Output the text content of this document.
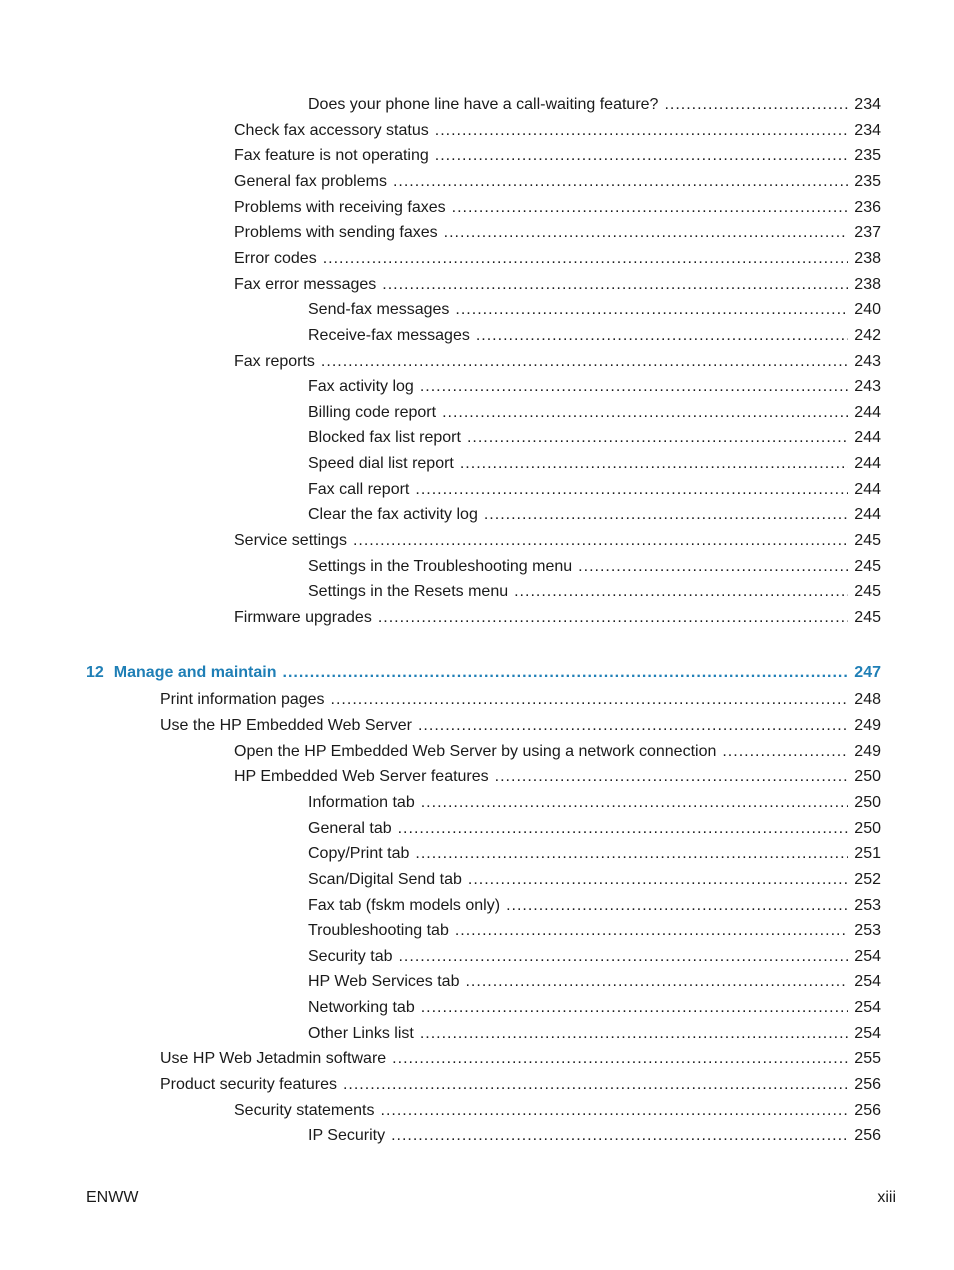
Does your phone line have a call-waiting feature? .....	234
Check fax accessory status .....	234
Fax feature is not operating .....	235
General fax problems .....	235
Problems with receiving faxes .....	236
Problems with sending faxes .....	237
Error codes .....	238
Fax error messages .....	238
Send-fax messages .....	240
Receive-fax messages .....	242
Fax reports .....	243
Fax activity log .....	243
Billing code report .....	244
Blocked fax list report .....	244
Speed dial list report .....	244
Fax call report .....	244
Clear the fax activity log .....	244
Service settings .....	245
Settings in the Troubleshooting menu .....	245
Settings in the Resets menu .....	245
Firmware upgrades .....	245
12 Manage and maintain .....	247
Print information pages .....	248
Use the HP Embedded Web Server .....	249
Open the HP Embedded Web Server by using a network connection .....	249
HP Embedded Web Server features .....	250
Information tab .....	250
General tab .....	250
Copy/Print tab .....	251
Scan/Digital Send tab .....	252
Fax tab (fskm models only) .....	253
Troubleshooting tab .....	253
Security tab .....	254
HP Web Services tab .....	254
Networking tab .....	254
Other Links list .....	254
Use HP Web Jetadmin software .....	255
Product security features .....	256
Security statements .....	256
IP Security .....	256
ENWW	xiii
